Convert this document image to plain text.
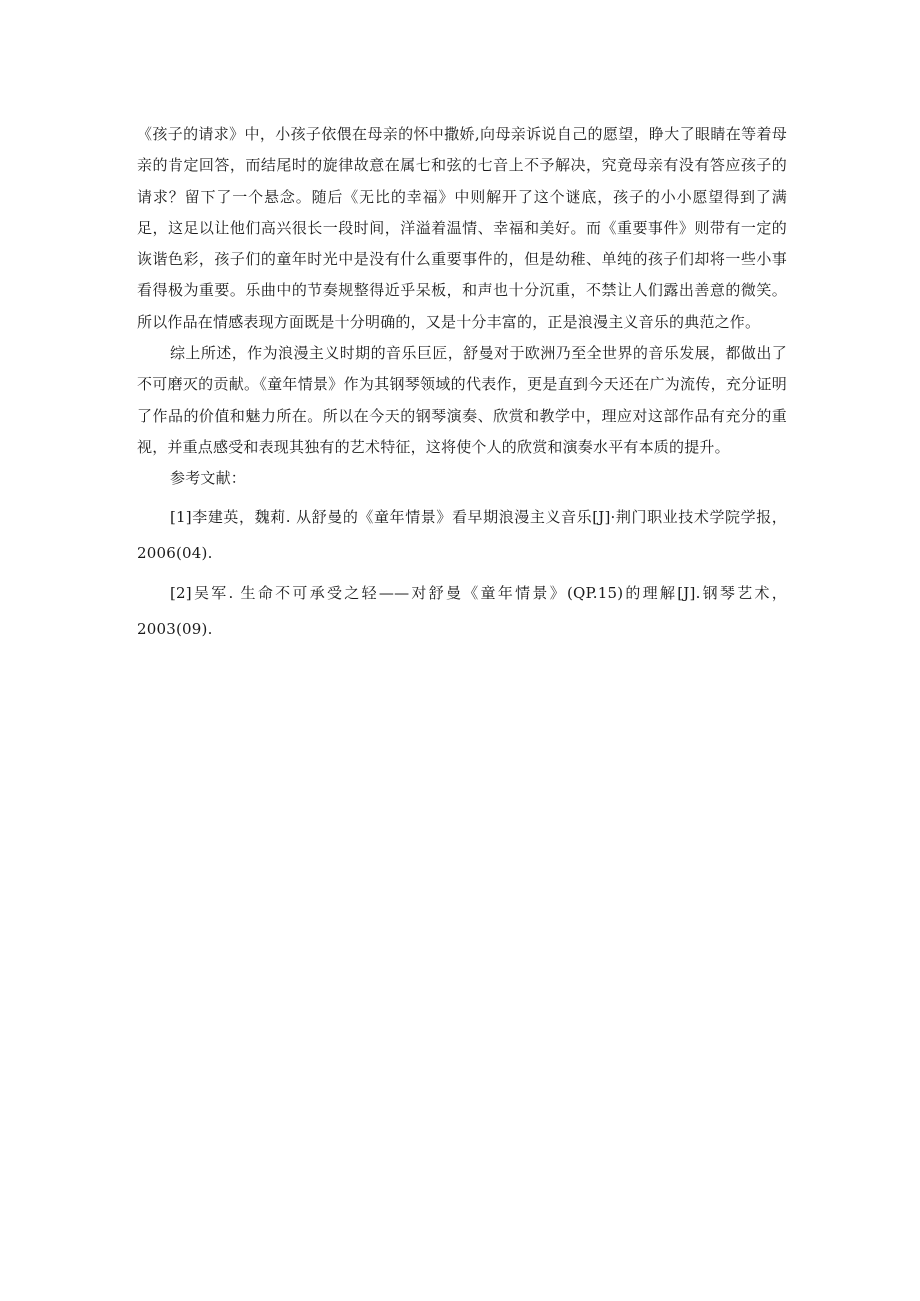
《孩子的请求》中，小孩子依偎在母亲的怀中撒娇,向母亲诉说自己的愿望，睁大了眼睛在等着母亲的肯定回答，而结尾时的旋律故意在属七和弦的七音上不予解决，究竟母亲有没有答应孩子的请求？留下了一个悬念。随后《无比的幸福》中则解开了这个谜底，孩子的小小愿望得到了满足，这足以让他们高兴很长一段时间，洋溢着温情、幸福和美好。而《重要事件》则带有一定的诙谐色彩，孩子们的童年时光中是没有什么重要事件的，但是幼稚、单纯的孩子们却将一些小事看得极为重要。乐曲中的节奏规整得近乎呆板，和声也十分沉重，不禁让人们露出善意的微笑。所以作品在情感表现方面既是十分明确的，又是十分丰富的，正是浪漫主义音乐的典范之作。

综上所述，作为浪漫主义时期的音乐巨匠，舒曼对于欧洲乃至全世界的音乐发展，都做出了不可磨灭的贡献。《童年情景》作为其钢琴领域的代表作，更是直到今天还在广为流传，充分证明了作品的价值和魅力所在。所以在今天的钢琴演奏、欣赏和教学中，理应对这部作品有充分的重视，并重点感受和表现其独有的艺术特征，这将使个人的欣赏和演奏水平有本质的提升。

参考文献：

[1]李建英，魏莉. 从舒曼的《童年情景》看早期浪漫主义音乐[J]·荆门职业技术学院学报，2006(04).

[2]吴军. 生命不可承受之轻——对舒曼《童年情景》(QP.15)的理解[J].钢琴艺术，2003(09).
